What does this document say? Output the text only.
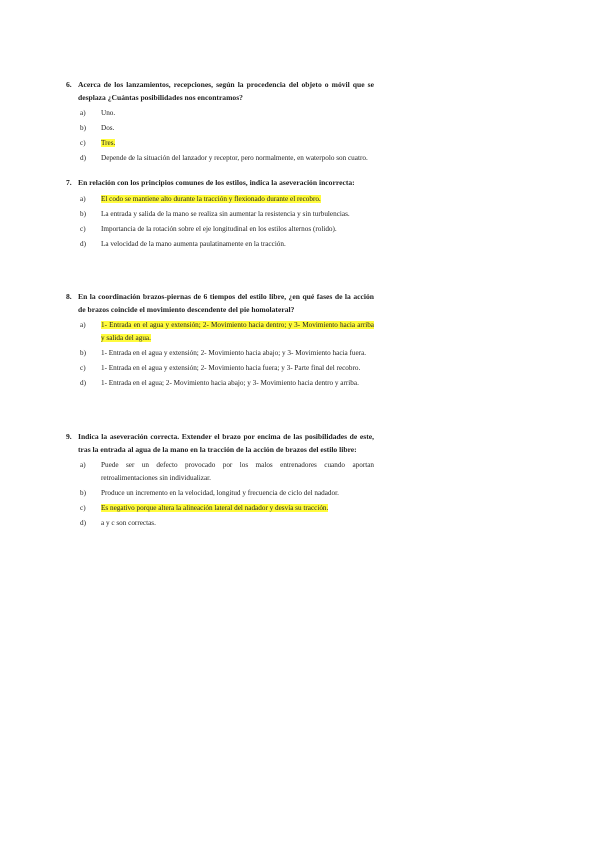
6. Acerca de los lanzamientos, recepciones, según la procedencia del objeto o móvil que se desplaza ¿Cuántas posibilidades nos encontramos?

a) Uno.
b) Dos.
c) Tres.
d) Depende de la situación del lanzador y receptor, pero normalmente, en waterpolo son cuatro.

7. En relación con los principios comunes de los estilos, indica la aseveración incorrecta:

a) El codo se mantiene alto durante la tracción y flexionado durante el recobro.
b) La entrada y salida de la mano se realiza sin aumentar la resistencia y sin turbulencias.
c) Importancia de la rotación sobre el eje longitudinal en los estilos alternos (rolido).
d) La velocidad de la mano aumenta paulatinamente en la tracción.

8. En la coordinación brazos-piernas de 6 tiempos del estilo libre, ¿en qué fases de la acción de brazos coincide el movimiento descendente del pie homolateral?

a) 1- Entrada en el agua y extensión; 2- Movimiento hacia dentro; y 3- Movimiento hacia arriba y salida del agua.
b) 1- Entrada en el agua y extensión; 2- Movimiento hacia abajo; y 3- Movimiento hacia fuera.
c) 1- Entrada en el agua y extensión; 2- Movimiento hacia fuera; y 3- Parte final del recobro.
d) 1- Entrada en el agua; 2- Movimiento hacia abajo; y 3- Movimiento hacia dentro y arriba.

9. Indica la aseveración correcta. Extender el brazo por encima de las posibilidades de este, tras la entrada al agua de la mano en la tracción de la acción de brazos del estilo libre:

a) Puede ser un defecto provocado por los malos entrenadores cuando aportan retroalimentaciones sin individualizar.
b) Produce un incremento en la velocidad, longitud y frecuencia de ciclo del nadador.
c) Es negativo porque altera la alineación lateral del nadador y desvía su tracción.
d) a y c son correctas.
